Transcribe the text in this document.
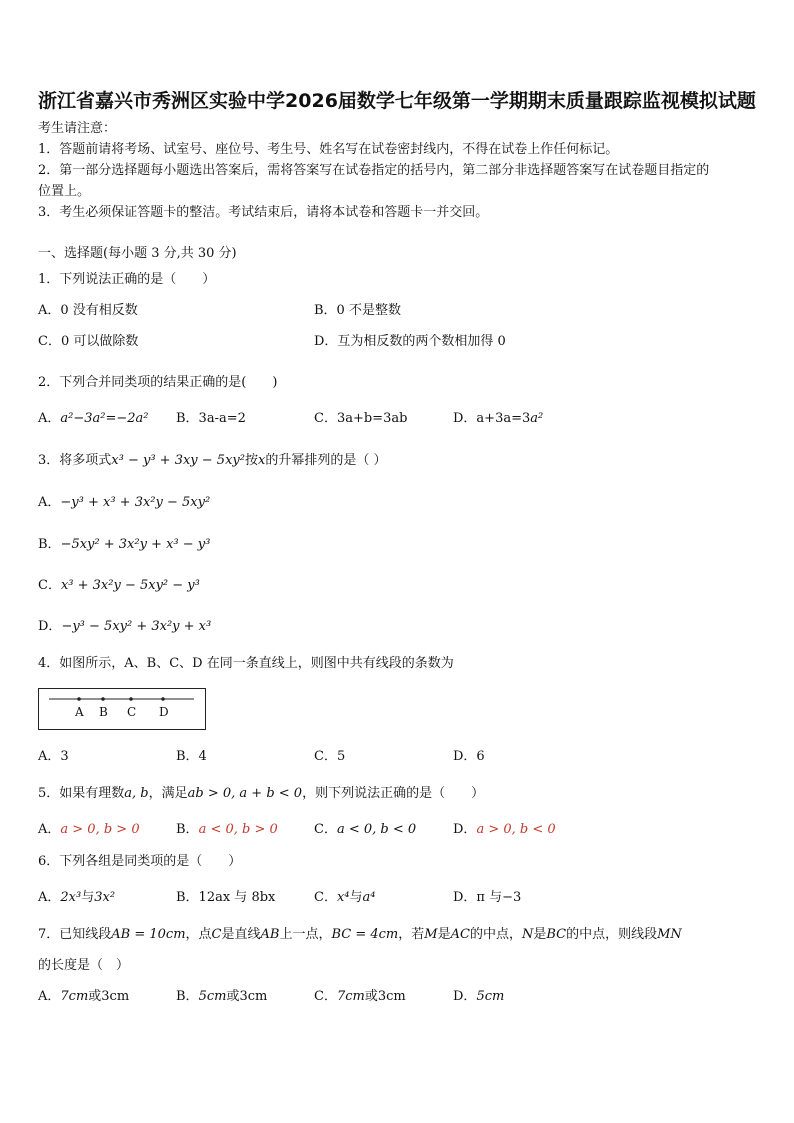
浙江省嘉兴市秀洲区实验中学2026届数学七年级第一学期期末质量跟踪监视模拟试题
考生请注意：
1．答题前请将考场、试室号、座位号、考生号、姓名写在试卷密封线内，不得在试卷上作任何标记。
2．第一部分选择题每小题选出答案后，需将答案写在试卷指定的括号内，第二部分非选择题答案写在试卷题目指定的
位置上。
3．考生必须保证答题卡的整洁。考试结束后，请将本试卷和答题卡一并交回。
一、选择题(每小题 3 分,共 30 分)
1．下列说法正确的是（　　）
A．0 没有相反数	B．0 不是整数
C．0 可以做除数	D．互为相反数的两个数相加得 0
2．下列合并同类项的结果正确的是(　　)
A．a²−3a²=−2a² B．3a-a=2	C．3a+b=3ab	D．a+3a=3a²
3．将多项式x³ − y³ + 3xy − 5xy²按x的升幂排列的是（ ）
A．−y³ + x³ + 3x²y − 5xy²
B．−5xy² + 3x²y + x³ − y³
C．x³ + 3x²y − 5xy² − y³
D．−y³ − 5xy² + 3x²y + x³
4．如图所示，A、B、C、D 在同一条直线上，则图中共有线段的条数为
A B C D
A．3	B．4	C．5	D．6
5．如果有理数a, b，满足ab > 0, a + b < 0，则下列说法正确的是（　　）
A．a > 0, b > 0	B．a < 0, b > 0	C．a < 0, b < 0	D．a > 0, b < 0
6．下列各组是同类项的是（　　）
A．2x³与3x²	B．12ax 与 8bx	C．x⁴与a⁴	D．π 与−3
7．已知线段AB = 10cm，点C是直线AB上一点，BC = 4cm，若M是AC的中点，N是BC的中点，则线段MN
的长度是（　）
A．7cm或3cm	B．5cm或3cm	C．7cm或3cm	D．5cm
